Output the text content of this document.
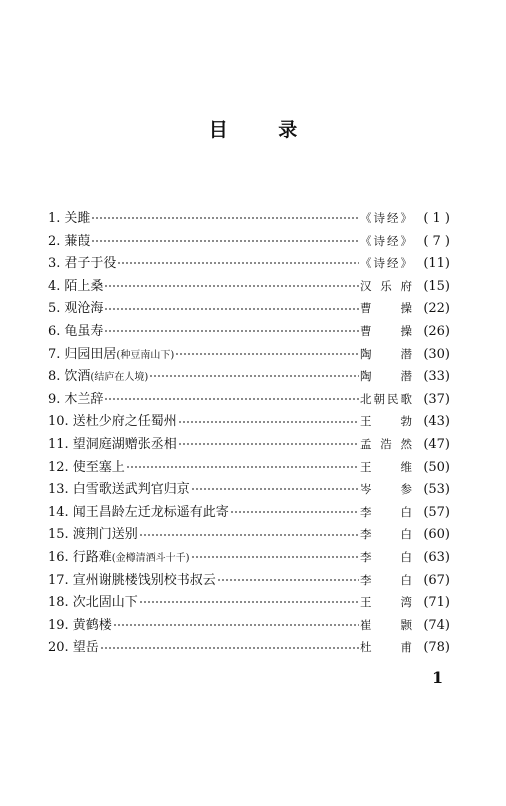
目 录
1. 关雎	《诗经》 ( 1 )
2. 蒹葭	《诗经》 ( 7 )
3. 君子于役	《诗经》 (11)
4. 陌上桑	汉乐府 (15)
5. 观沧海	曹 操 (22)
6. 龟虽寿	曹 操 (26)
7. 归园田居 (种豆南山下)	陶 潜 (30)
8. 饮酒 (结庐在人境)	陶 潜 (33)
9. 木兰辞	北朝民歌 (37)
10. 送杜少府之任蜀州	王 勃 (43)
11. 望洞庭湖赠张丞相	孟浩然 (47)
12. 使至塞上	王 维 (50)
13. 白雪歌送武判官归京	岑 参 (53)
14. 闻王昌龄左迁龙标遥有此寄	李 白 (57)
15. 渡荆门送别	李 白 (60)
16. 行路难 (金樽清酒斗十千)	李 白 (63)
17. 宣州谢朓楼饯别校书叔云	李 白 (67)
18. 次北固山下	王 湾 (71)
19. 黄鹤楼	崔 颢 (74)
20. 望岳	杜 甫 (78)
1
